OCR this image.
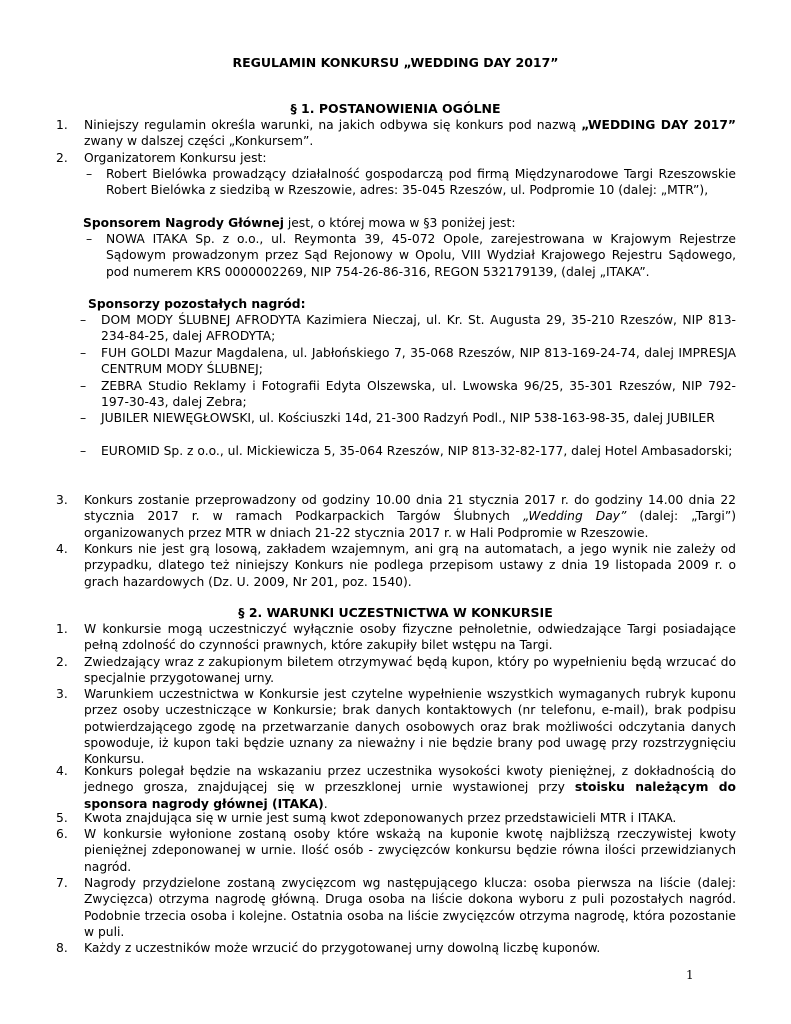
REGULAMIN KONKURSU „WEDDING DAY 2017”
§ 1. POSTANOWIENIA OGÓLNE
1. Niniejszy regulamin określa warunki, na jakich odbywa się konkurs pod nazwą „WEDDING DAY 2017” zwany w dalszej części „Konkursem”.
2. Organizatorem Konkursu jest:
– Robert Bielówka prowadzący działalność gospodarczą pod firmą Międzynarodowe Targi Rzeszowskie Robert Bielówka z siedzibą w Rzeszowie, adres: 35-045 Rzeszów, ul. Podpromie 10 (dalej: „MTR”),
Sponsorem Nagrody Głównej jest, o której mowa w §3 poniżej jest:
– NOWA ITAKA Sp. z o.o., ul. Reymonta 39, 45-072 Opole, zarejestrowana w Krajowym Rejestrze Sądowym prowadzonym przez Sąd Rejonowy w Opolu, VIII Wydział Krajowego Rejestru Sądowego, pod numerem KRS 0000002269, NIP 754-26-86-316, REGON 532179139, (dalej „ITAKA”.
Sponsorzy pozostałych nagród:
– DOM MODY ŚLUBNEJ AFRODYTA Kazimiera Nieczaj, ul. Kr. St. Augusta 29, 35-210 Rzeszów, NIP 813-234-84-25, dalej AFRODYTA;
– FUH GOLDI Mazur Magdalena, ul. Jabłońskiego 7, 35-068 Rzeszów, NIP 813-169-24-74, dalej IMPRESJA CENTRUM MODY ŚLUBNEJ;
– ZEBRA Studio Reklamy i Fotografii Edyta Olszewska, ul. Lwowska 96/25, 35-301 Rzeszów, NIP 792-197-30-43, dalej Zebra;
– JUBILER NIEWĘGŁOWSKI, ul. Kościuszki 14d, 21-300 Radzyń Podl., NIP 538-163-98-35, dalej JUBILER
– EUROMID Sp. z o.o., ul. Mickiewicza 5, 35-064 Rzeszów, NIP 813-32-82-177, dalej Hotel Ambasadorski;
3. Konkurs zostanie przeprowadzony od godziny 10.00 dnia 21 stycznia 2017 r. do godziny 14.00 dnia 22 stycznia 2017 r. w ramach Podkarpackich Targów Ślubnych „Wedding Day” (dalej: „Targi”) organizowanych przez MTR w dniach 21-22 stycznia 2017 r. w Hali Podpromie w Rzeszowie.
4. Konkurs nie jest grą losową, zakładem wzajemnym, ani grą na automatach, a jego wynik nie zależy od przypadku, dlatego też niniejszy Konkurs nie podlega przepisom ustawy z dnia 19 listopada 2009 r. o grach hazardowych (Dz. U. 2009, Nr 201, poz. 1540).
§ 2. WARUNKI UCZESTNICTWA W KONKURSIE
1. W konkursie mogą uczestniczyć wyłącznie osoby fizyczne pełnoletnie, odwiedzające Targi posiadające pełną zdolność do czynności prawnych, które zakupiły bilet wstępu na Targi.
2. Zwiedzający wraz z zakupionym biletem otrzymywać będą kupon, który po wypełnieniu będą wrzucać do specjalnie przygotowanej urny.
3. Warunkiem uczestnictwa w Konkursie jest czytelne wypełnienie wszystkich wymaganych rubryk kuponu przez osoby uczestniczące w Konkursie; brak danych kontaktowych (nr telefonu, e-mail), brak podpisu potwierdzającego zgodę na przetwarzanie danych osobowych oraz brak możliwości odczytania danych spowoduje, iż kupon taki będzie uznany za nieważny i nie będzie brany pod uwagę przy rozstrzygnięciu Konkursu.
4. Konkurs polegał będzie na wskazaniu przez uczestnika wysokości kwoty pieniężnej, z dokładnością do jednego grosza, znajdującej się w przeszklonej urnie wystawionej przy stoisku należącym do sponsora nagrody głównej (ITAKA).
5. Kwota znajdująca się w urnie jest sumą kwot zdeponowanych przez przedstawicieli MTR i ITAKA.
6. W konkursie wyłonione zostaną osoby które wskażą na kuponie kwotę najbliższą rzeczywistej kwoty pieniężnej zdeponowanej w urnie. Ilość osób - zwycięzców konkursu będzie równa ilości przewidzianych nagród.
7. Nagrody przydzielone zostaną zwycięzcom wg następującego klucza: osoba pierwsza na liście (dalej: Zwycięzca) otrzyma nagrodę główną. Druga osoba na liście dokona wyboru z puli pozostałych nagród. Podobnie trzecia osoba i kolejne. Ostatnia osoba na liście zwycięzców otrzyma nagrodę, która pozostanie w puli.
8. Każdy z uczestników może wrzucić do przygotowanej urny dowolną liczbę kuponów.
1
